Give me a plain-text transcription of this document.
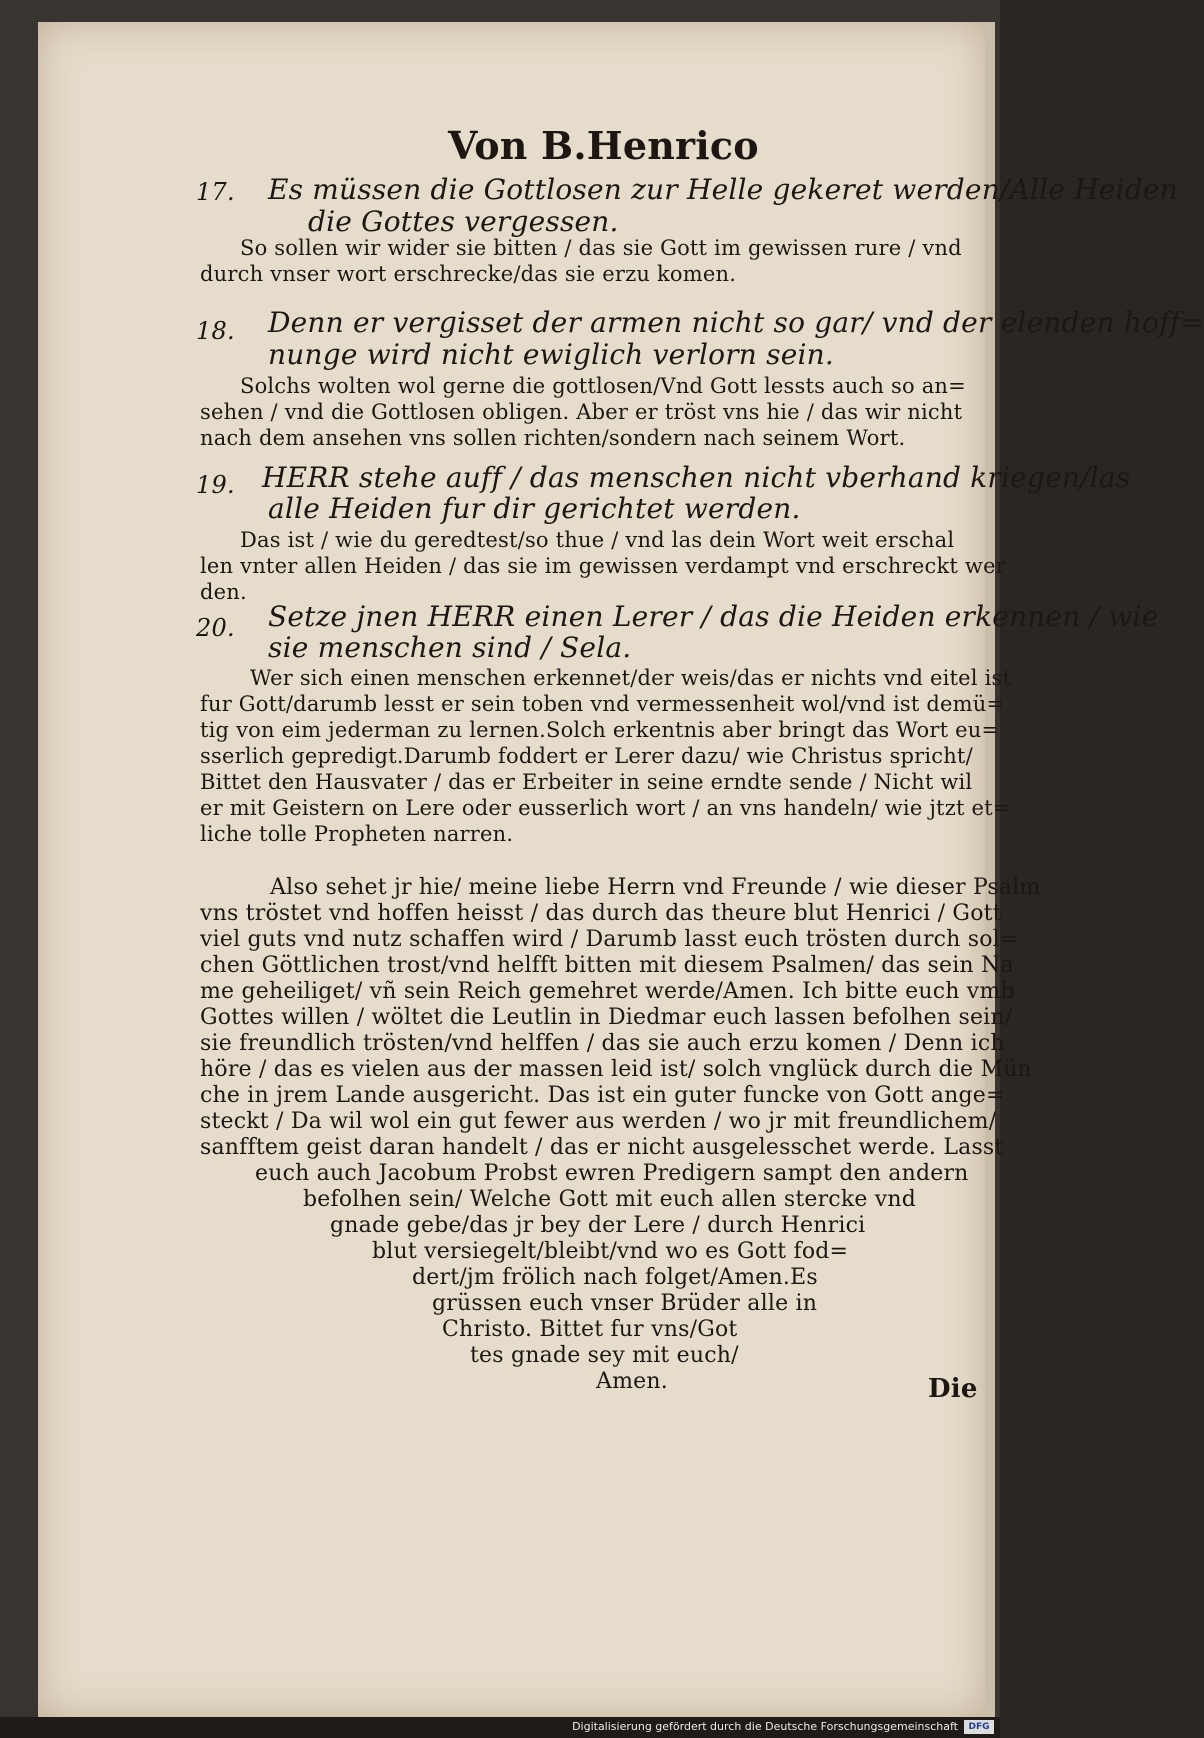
Von B.Henrico
17. Es müssen die Gottlosen zur Helle gekeret werden/Alle Heiden
die Gottes vergessen.
So sollen wir wider sie bitten / das sie Gott im gewissen rure / vnd
durch vnser wort erschrecke/das sie erzu komen.
18. Denn er vergisset der armen nicht so gar/ vnd der elenden hoff=
nunge wird nicht ewiglich verlorn sein.
Solchs wolten wol gerne die gottlosen/Vnd Gott lessts auch so an=
sehen / vnd die Gottlosen obligen. Aber er tröst vns hie / das wir nicht
nach dem ansehen vns sollen richten/sondern nach seinem Wort.
19. HERR stehe auff / das menschen nicht vberhand kriegen/las
alle Heiden fur dir gerichtet werden.
Das ist / wie du geredtest/so thue / vnd las dein Wort weit erschal
len vnter allen Heiden / das sie im gewissen verdampt vnd erschreckt wer
den.
20. Setze jnen HERR einen Lerer / das die Heiden erkennen / wie
sie menschen sind / Sela.
Wer sich einen menschen erkennet/der weis/das er nichts vnd eitel ist
fur Gott/darumb lesst er sein toben vnd vermessenheit wol/vnd ist demü=
tig von eim jederman zu lernen.Solch erkentnis aber bringt das Wort eu=
sserlich gepredigt.Darumb foddert er Lerer dazu/ wie Christus spricht/
Bittet den Hausvater / das er Erbeiter in seine erndte sende / Nicht wil
er mit Geistern on Lere oder eusserlich wort / an vns handeln/ wie jtzt et=
liche tolle Propheten narren.
Also sehet jr hie/ meine liebe Herrn vnd Freunde / wie dieser Psalm
vns tröstet vnd hoffen heisst / das durch das theure blut Henrici / Gott
viel guts vnd nutz schaffen wird / Darumb lasst euch trösten durch sol=
chen Göttlichen trost/vnd helfft bitten mit diesem Psalmen/ das sein Na
me geheiliget/ vñ sein Reich gemehret werde/Amen. Ich bitte euch vmb
Gottes willen / wöltet die Leutlin in Diedmar euch lassen befolhen sein/
sie freundlich trösten/vnd helffen / das sie auch erzu komen / Denn ich
höre / das es vielen aus der massen leid ist/ solch vnglück durch die Mün
che in jrem Lande ausgericht. Das ist ein guter funcke von Gott ange=
steckt / Da wil wol ein gut fewer aus werden / wo jr mit freundlichem/
sanfftem geist daran handelt / das er nicht ausgelesschet werde. Lasst
euch auch Jacobum Probst ewren Predigern sampt den andern
befolhen sein/ Welche Gott mit euch allen stercke vnd
gnade gebe/das jr bey der Lere / durch Henrici
blut versiegelt/bleibt/vnd wo es Gott fod=
dert/jm frölich nach folget/Amen.Es
grüssen euch vnser Brüder alle in
Christo. Bittet fur vns/Got
tes gnade sey mit euch/
Amen.	Die
Digitalisierung gefördert durch die Deutsche Forschungsgemeinschaft	DFG
